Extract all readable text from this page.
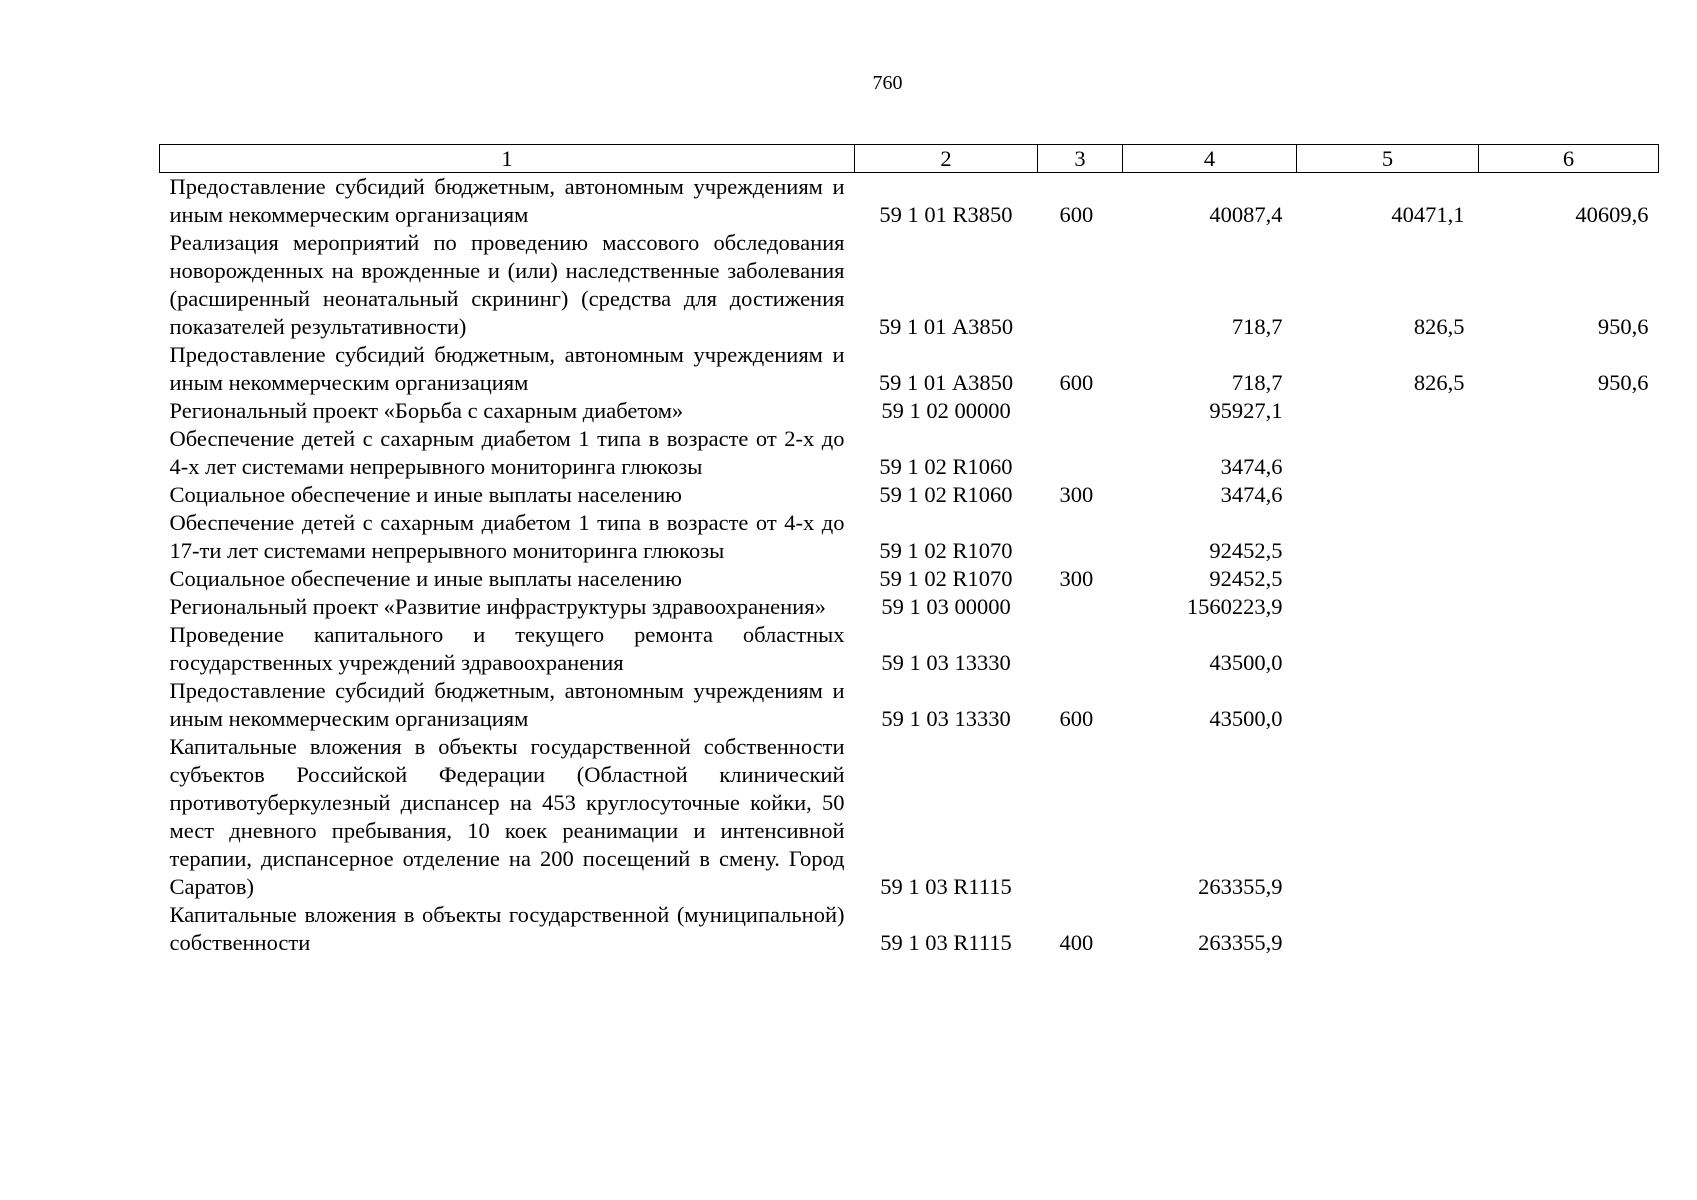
760
1	2	3	4	5	6
Предоставление субсидий бюджетным, автономным учреждениям и иным некоммерческим организациям	59 1 01 R3850	600	40087,4	40471,1	40609,6
Реализация мероприятий по проведению массового обследования новорожденных на врожденные и (или) наследственные заболевания (расширенный неонатальный скрининг) (средства для достижения показателей результативности)	59 1 01 А3850		718,7	826,5	950,6
Предоставление субсидий бюджетным, автономным учреждениям и иным некоммерческим организациям	59 1 01 А3850	600	718,7	826,5	950,6
Региональный проект «Борьба с сахарным диабетом»	59 1 02 00000		95927,1		
Обеспечение детей с сахарным диабетом 1 типа в возрасте от 2-х до 4-х лет системами непрерывного мониторинга глюкозы	59 1 02 R1060		3474,6		
Социальное обеспечение и иные выплаты населению	59 1 02 R1060	300	3474,6		
Обеспечение детей с сахарным диабетом 1 типа в возрасте от 4-х до 17-ти лет системами непрерывного мониторинга глюкозы	59 1 02 R1070		92452,5		
Социальное обеспечение и иные выплаты населению	59 1 02 R1070	300	92452,5		
Региональный проект «Развитие инфраструктуры здравоохранения»	59 1 03 00000		1560223,9		
Проведение капитального и текущего ремонта областных государственных учреждений здравоохранения	59 1 03 13330		43500,0		
Предоставление субсидий бюджетным, автономным учреждениям и иным некоммерческим организациям	59 1 03 13330	600	43500,0		
Капитальные вложения в объекты государственной собственности субъектов Российской Федерации (Областной клинический противотуберкулезный диспансер на 453 круглосуточные койки, 50 мест дневного пребывания, 10 коек реанимации и интенсивной терапии, диспансерное отделение на 200 посещений в смену. Город Саратов)	59 1 03 R1115		263355,9		
Капитальные вложения в объекты государственной (муниципальной) собственности	59 1 03 R1115	400	263355,9		
